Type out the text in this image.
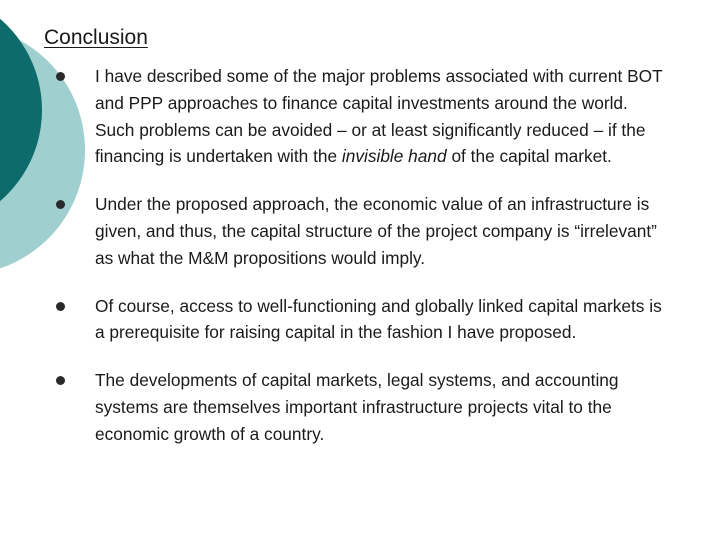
Conclusion
I have described some of the major problems associated with current BOT and PPP approaches to finance capital investments around the world. Such problems can be avoided – or at least significantly reduced – if the financing is undertaken with the invisible hand of the capital market.
Under the proposed approach, the economic value of an infrastructure is given, and thus, the capital structure of the project company is “irrelevant” as what the M&M propositions would imply.
Of course, access to well-functioning and globally linked capital markets is a prerequisite for raising capital in the fashion I have proposed.
The developments of capital markets, legal systems, and accounting systems are themselves important infrastructure projects vital to the economic growth of a country.
